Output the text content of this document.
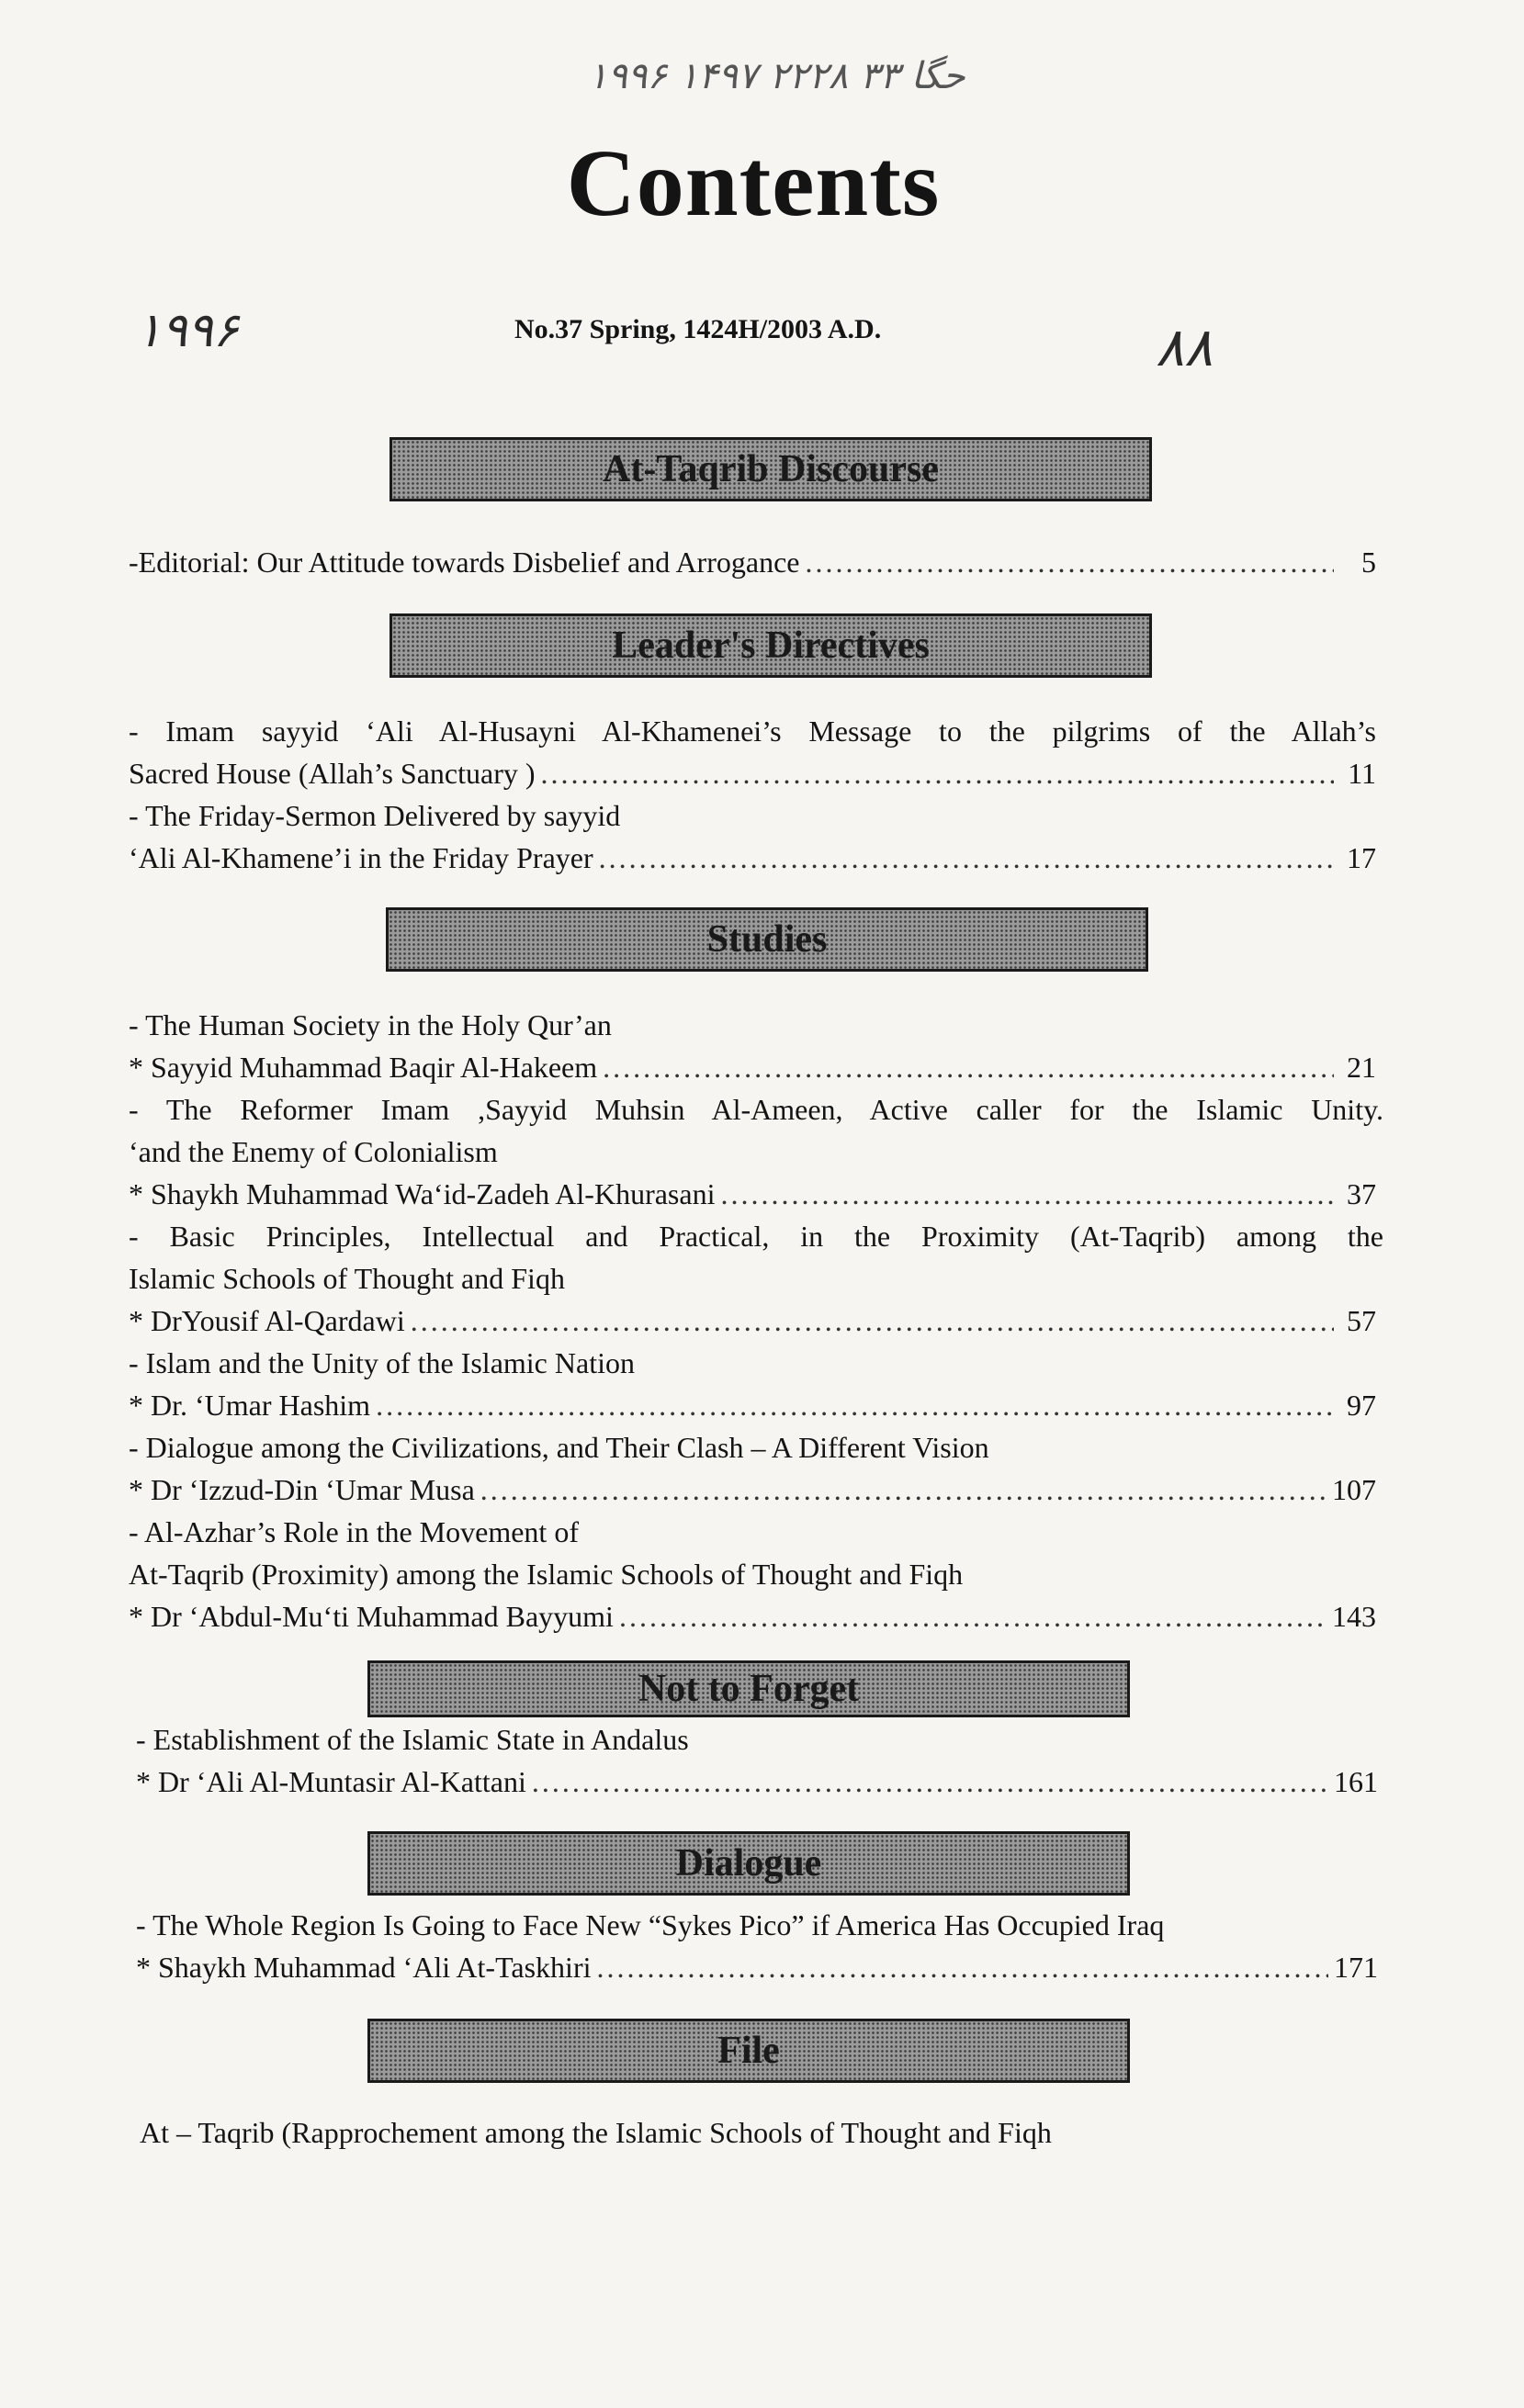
ﺣﮕﺎ ۳۳ ۲۲۲۸ ۱۴۹۷ ۱۹۹۶
۱۹۹۶
Contents
No.37 Spring, 1424H/2003 A.D.	۸۸
At-Taqrib Discourse
-Editorial: Our Attitude towards Disbelief and Arrogance .....	5
Leader's Directives
- Imam sayyid ‘Ali Al-Husayni Al-Khamenei’s Message to the pilgrims of the Allah’s
Sacred House (Allah’s Sanctuary ) .....	11
- The Friday-Sermon Delivered by sayyid
‘Ali Al-Khamene’i in the Friday Prayer .....	17
Studies
- The Human Society in the Holy Qur’an
* Sayyid Muhammad Baqir Al-Hakeem .....	21
- The Reformer Imam ,Sayyid Muhsin Al-Ameen, Active caller for the Islamic Unity.
‘and the Enemy of Colonialism
* Shaykh Muhammad Wa‘id-Zadeh Al-Khurasani .....	37
- Basic Principles, Intellectual and Practical, in the Proximity (At-Taqrib) among the
Islamic Schools of Thought and Fiqh
* DrYousif Al-Qardawi .....	57
- Islam and the Unity of the Islamic Nation
* Dr. ‘Umar Hashim .....	97
- Dialogue among the Civilizations, and Their Clash – A Different Vision
* Dr ‘Izzud-Din ‘Umar Musa .....	107
- Al-Azhar’s Role in the Movement of
At-Taqrib (Proximity) among the Islamic Schools of Thought and Fiqh
* Dr ‘Abdul-Mu‘ti Muhammad Bayyumi .....	143
Not to Forget
- Establishment of the Islamic State in Andalus
* Dr ‘Ali Al-Muntasir Al-Kattani .....	161
Dialogue
- The Whole Region Is Going to Face New “Sykes Pico” if America Has Occupied Iraq
* Shaykh Muhammad ‘Ali At-Taskhiri .....	171
File
At – Taqrib (Rapprochement among the Islamic Schools of Thought and Fiqh
